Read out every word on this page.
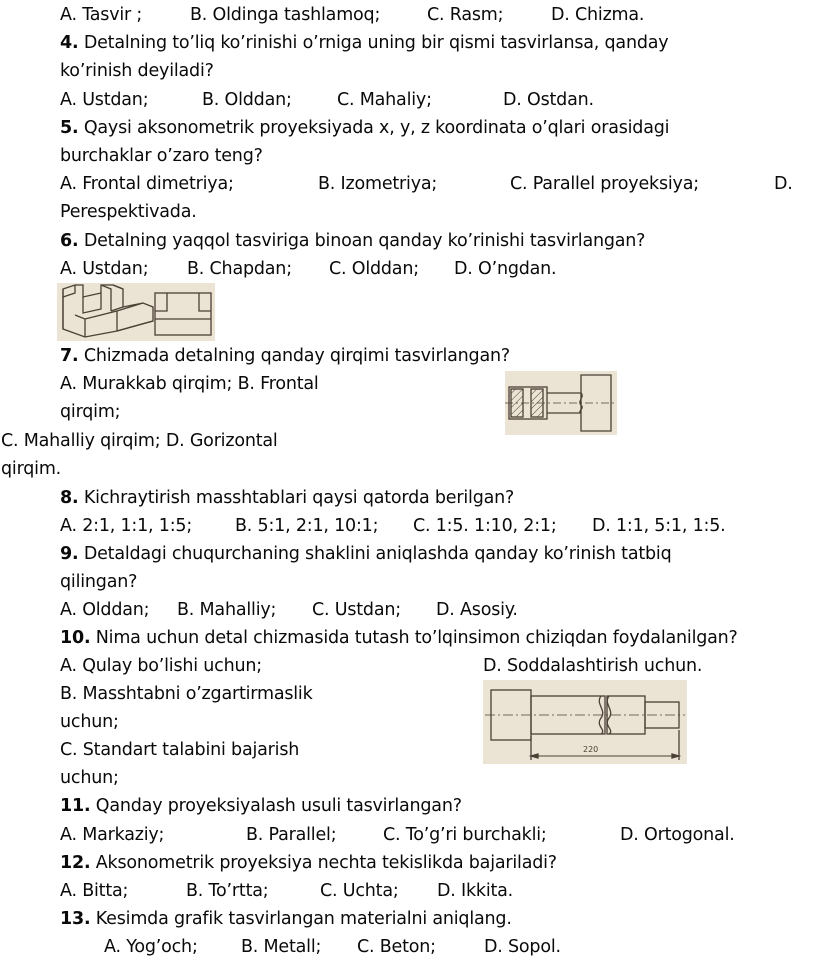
A. Tasvir ;	B. Oldinga tashlamoq;	C. Rasm;	D. Chizma.
4. Detalning to’liq ko’rinishi o’rniga uning bir qismi tasvirlansa, qanday
ko’rinish deyiladi?
A. Ustdan;	B. Olddan;	C. Mahaliy;	D. Ostdan.
5. Qaysi aksonometrik proyeksiyada x, y, z koordinata o’qlari orasidagi
burchaklar o’zaro teng?
A. Frontal dimetriya;	B. Izometriya;	C. Parallel proyeksiya;	D.
Perespektivada.
6. Detalning yaqqol tasviriga binoan qanday ko’rinishi tasvirlangan?
A. Ustdan; B. Chapdan; C. Olddan; D. O’ngdan.
7. Chizmada detalning qanday qirqimi tasvirlangan?
A. Murakkab qirqim; B. Frontal
qirqim;
C. Mahalliy qirqim; D. Gorizontal
qirqim.
8. Kichraytirish masshtablari qaysi qatorda berilgan?
A. 2:1, 1:1, 1:5; B. 5:1, 2:1, 10:1; C. 1:5. 1:10, 2:1; D. 1:1, 5:1, 1:5.
9. Detaldagi chuqurchaning shaklini aniqlashda qanday ko’rinish tatbiq
qilingan?
A. Olddan; B. Mahalliy; C. Ustdan; D. Asosiy.
10. Nima uchun detal chizmasida tutash to’lqinsimon chiziqdan foydalanilgan?
A. Qulay bo’lishi uchun;	D. Soddalashtirish uchun.
B. Masshtabni o’zgartirmaslik
uchun;
C. Standart talabini bajarish
uchun;
220
11. Qanday proyeksiyalash usuli tasvirlangan?
A. Markaziy;	B. Parallel;	C. To’g’ri burchakli;	D. Ortogonal.
12. Aksonometrik proyeksiya nechta tekislikda bajariladi?
A. Bitta;	B. To’rtta;	C. Uchta; D. Ikkita.
13. Kesimda grafik tasvirlangan materialni aniqlang.
A. Yog’och; B. Metall; C. Beton;	D. Sopol.
